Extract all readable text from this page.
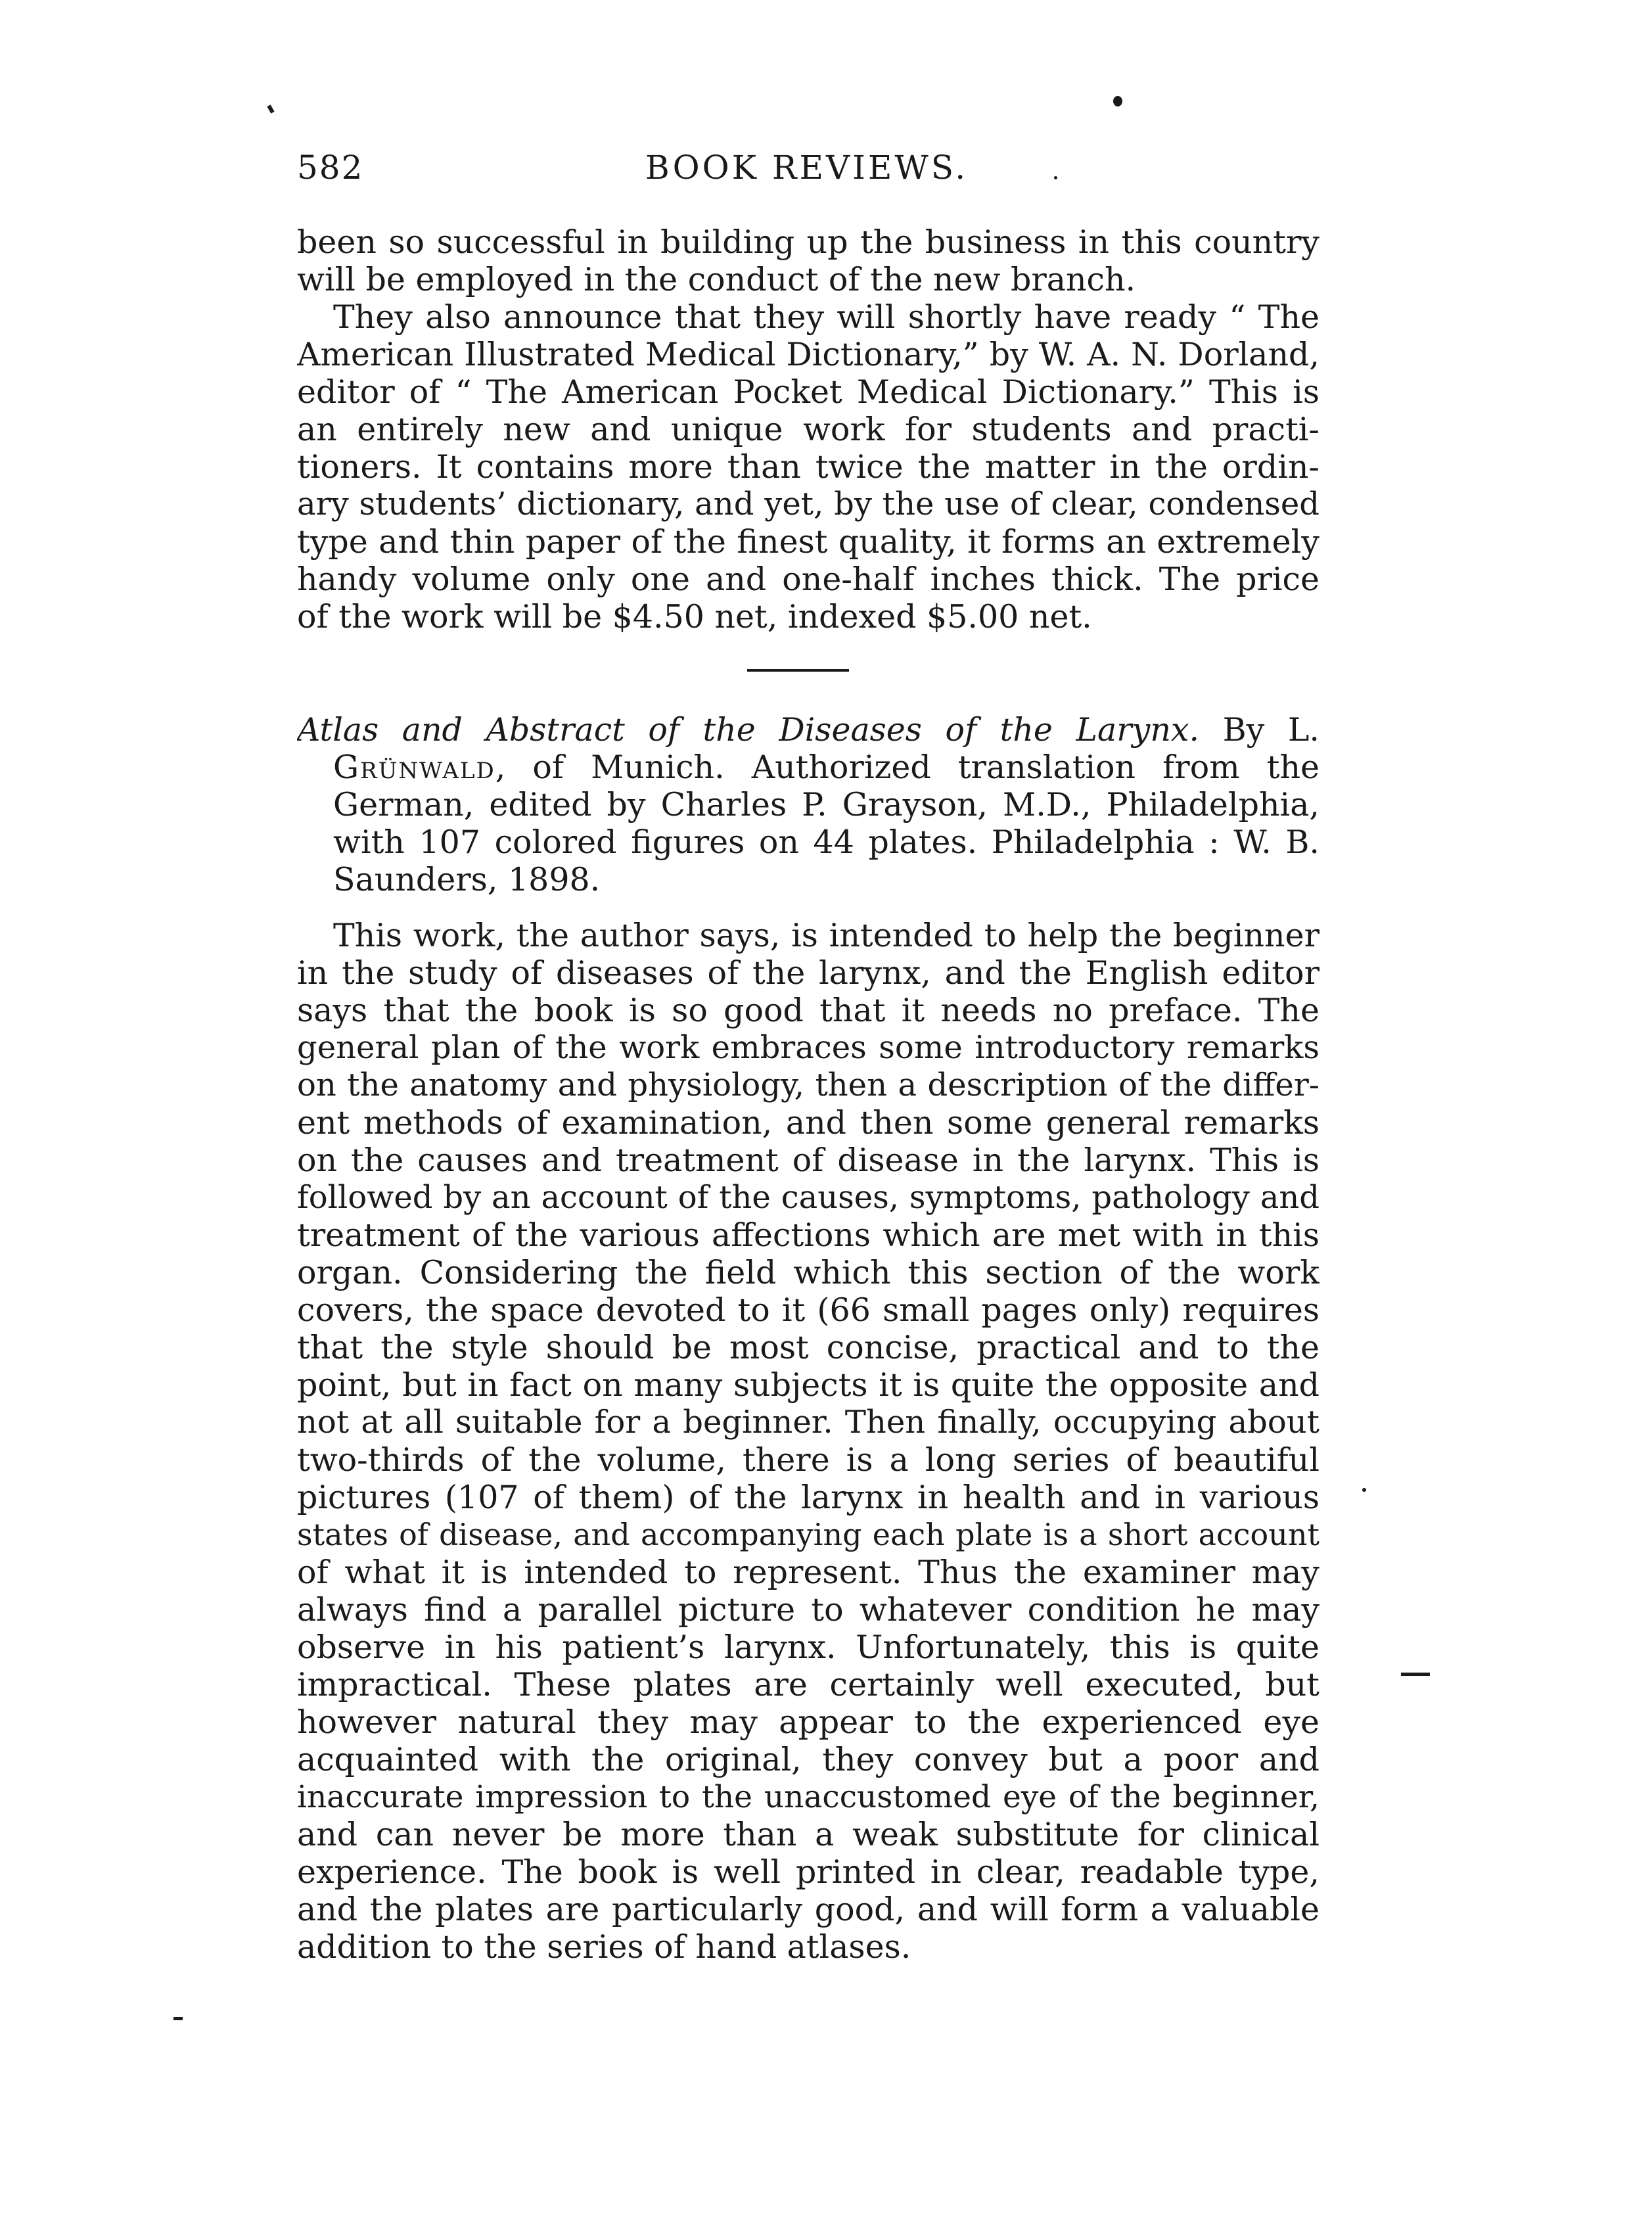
582	BOOK REVIEWS.
been so successful in building up the business in this country
will be employed in the conduct of the new branch.
They also announce that they will shortly have ready “ The
American Illustrated Medical Dictionary,” by W. A. N. Dorland,
editor of “ The American Pocket Medical Dictionary.” This is
an entirely new and unique work for students and practi-
tioners. It contains more than twice the matter in the ordin-
ary students’ dictionary, and yet, by the use of clear, condensed
type and thin paper of the finest quality, it forms an extremely
handy volume only one and one-half inches thick. The price
of the work will be $4.50 net, indexed $5.00 net.
Atlas and Abstract of the Diseases of the Larynx. By L.
Grünwald, of Munich. Authorized translation from the
German, edited by Charles P. Grayson, M.D., Philadelphia,
with 107 colored figures on 44 plates. Philadelphia : W. B.
Saunders, 1898.
This work, the author says, is intended to help the beginner
in the study of diseases of the larynx, and the English editor
says that the book is so good that it needs no preface. The
general plan of the work embraces some introductory remarks
on the anatomy and physiology, then a description of the differ-
ent methods of examination, and then some general remarks
on the causes and treatment of disease in the larynx. This is
followed by an account of the causes, symptoms, pathology and
treatment of the various affections which are met with in this
organ. Considering the field which this section of the work
covers, the space devoted to it (66 small pages only) requires
that the style should be most concise, practical and to the
point, but in fact on many subjects it is quite the opposite and
not at all suitable for a beginner. Then finally, occupying about
two-thirds of the volume, there is a long series of beautiful
pictures (107 of them) of the larynx in health and in various
states of disease, and accompanying each plate is a short account
of what it is intended to represent. Thus the examiner may
always find a parallel picture to whatever condition he may
observe in his patient’s larynx. Unfortunately, this is quite
impractical. These plates are certainly well executed, but
however natural they may appear to the experienced eye
acquainted with the original, they convey but a poor and
inaccurate impression to the unaccustomed eye of the beginner,
and can never be more than a weak substitute for clinical
experience. The book is well printed in clear, readable type,
and the plates are particularly good, and will form a valuable
addition to the series of hand atlases.
